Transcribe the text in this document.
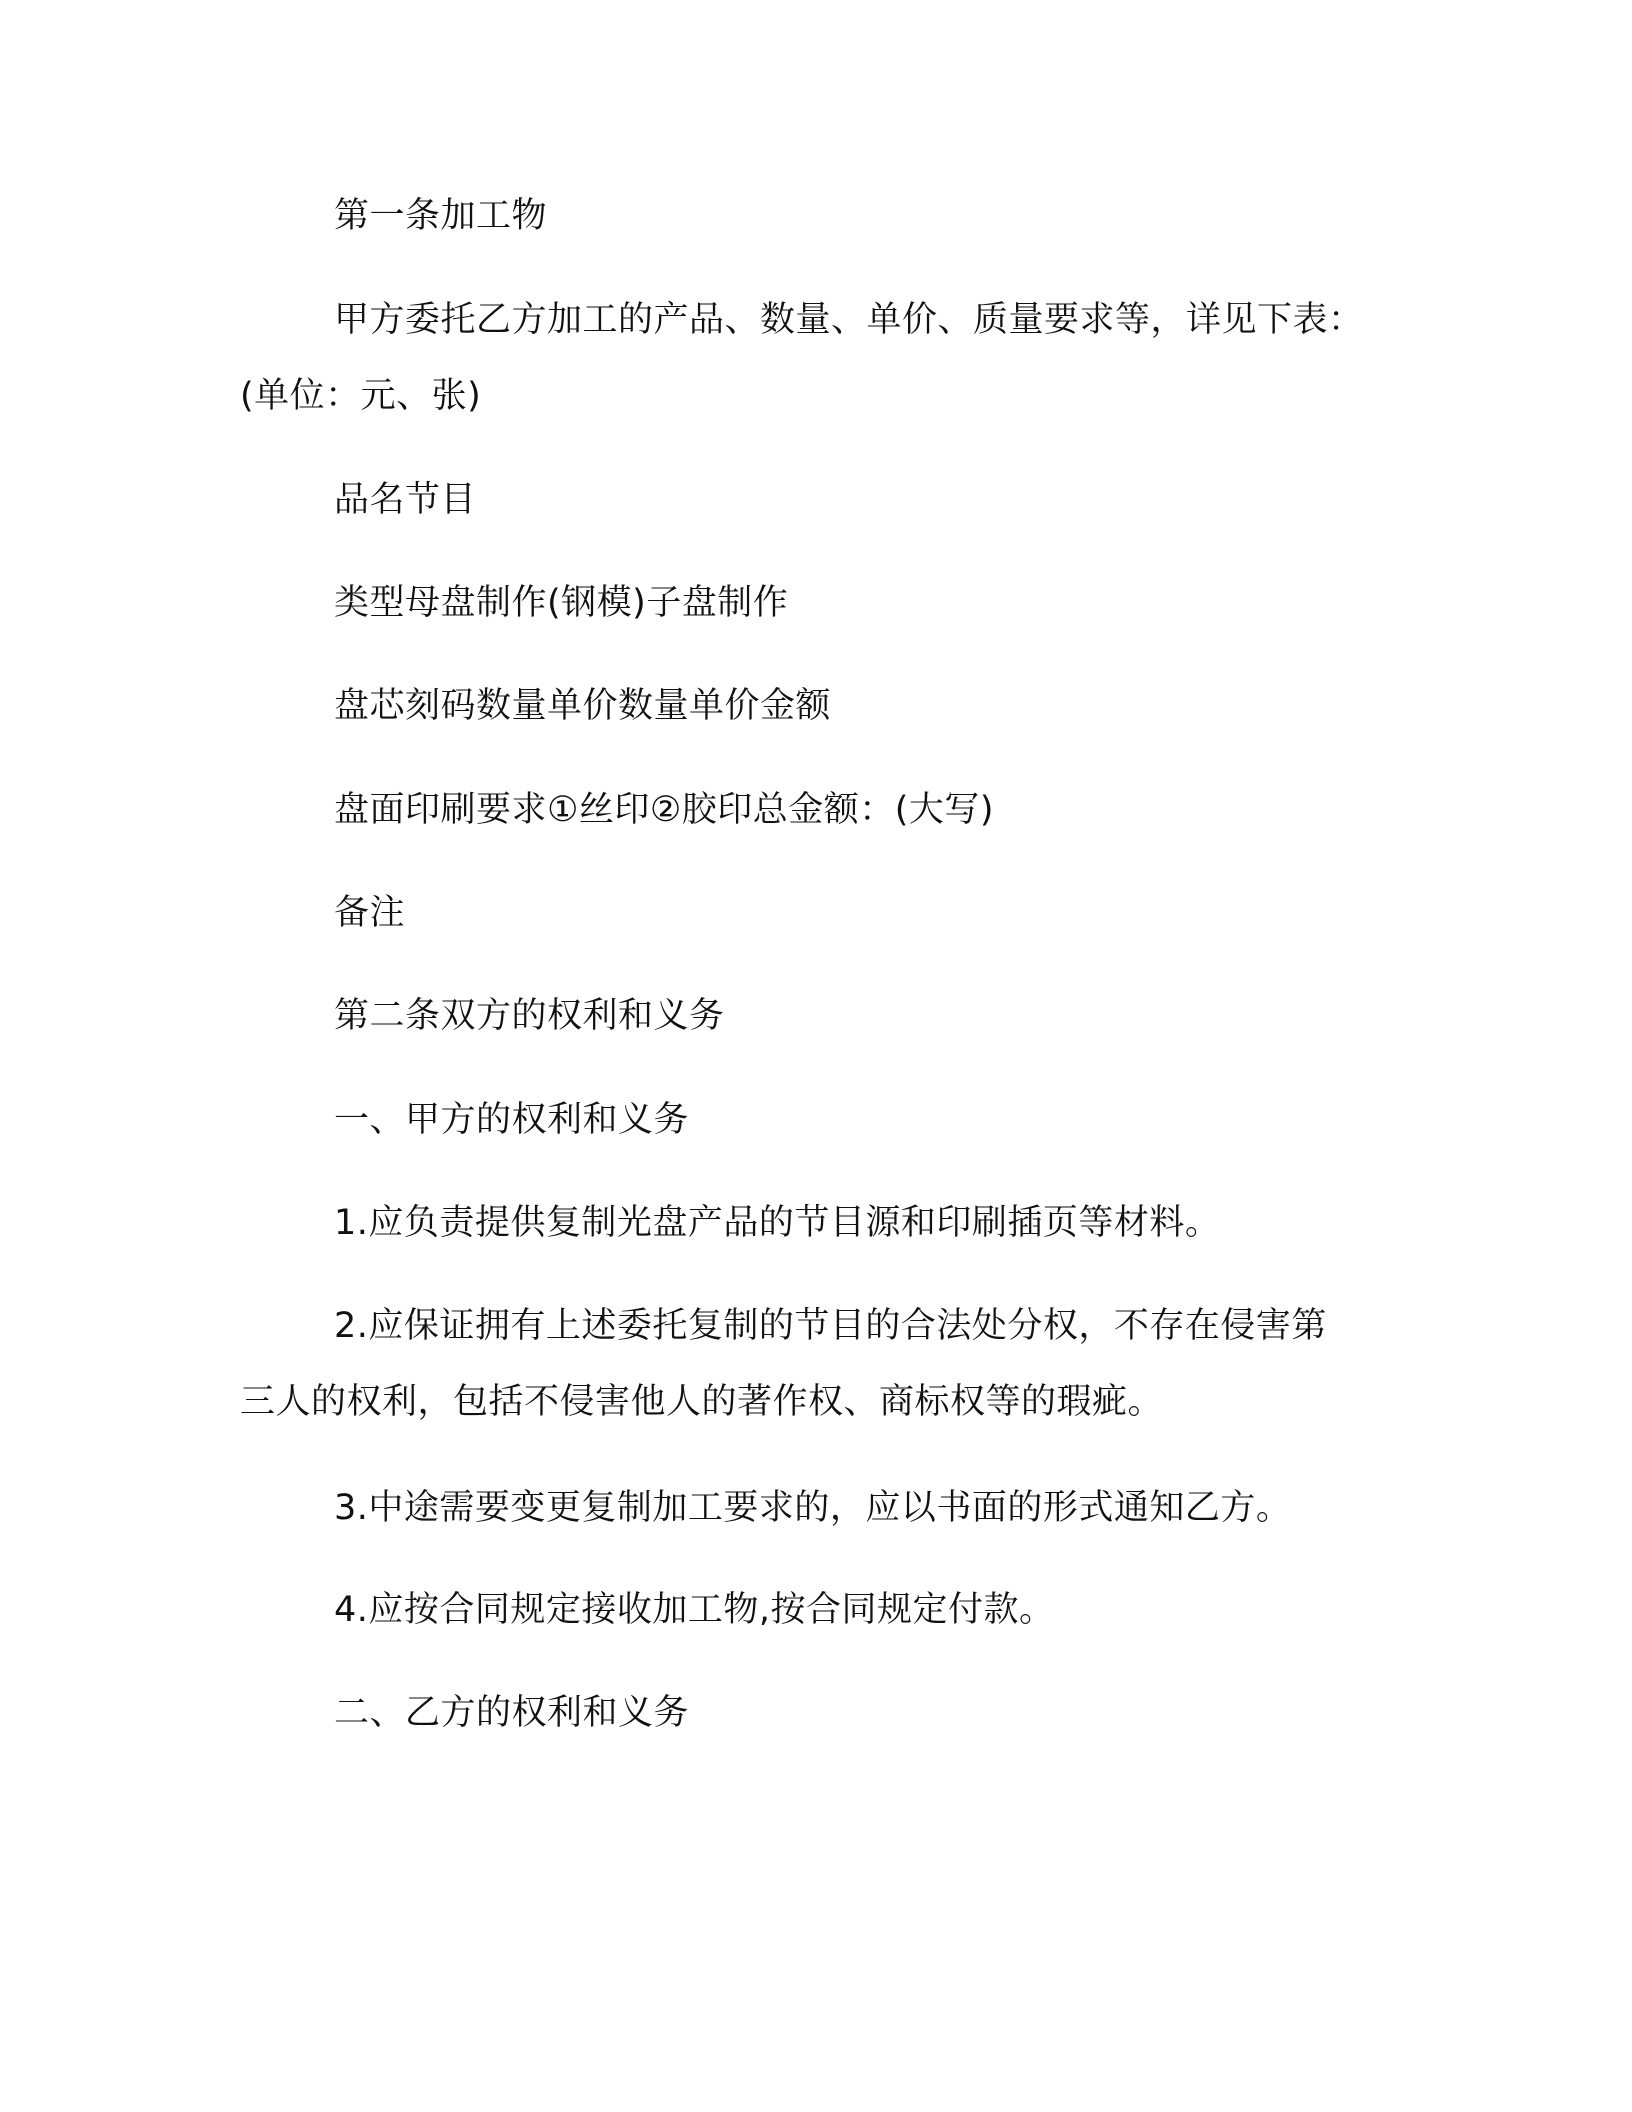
第一条加工物

甲方委托乙方加工的产品、数量、单价、质量要求等，详见下表：
(单位：元、张)

品名节目

类型母盘制作(钢模)子盘制作

盘芯刻码数量单价数量单价金额

盘面印刷要求①丝印②胶印总金额：(大写)

备注

第二条双方的权利和义务

一、甲方的权利和义务

1.应负责提供复制光盘产品的节目源和印刷插页等材料。

2.应保证拥有上述委托复制的节目的合法处分权，不存在侵害第
三人的权利，包括不侵害他人的著作权、商标权等的瑕疵。

3.中途需要变更复制加工要求的，应以书面的形式通知乙方。

4.应按合同规定接收加工物,按合同规定付款。

二、乙方的权利和义务
